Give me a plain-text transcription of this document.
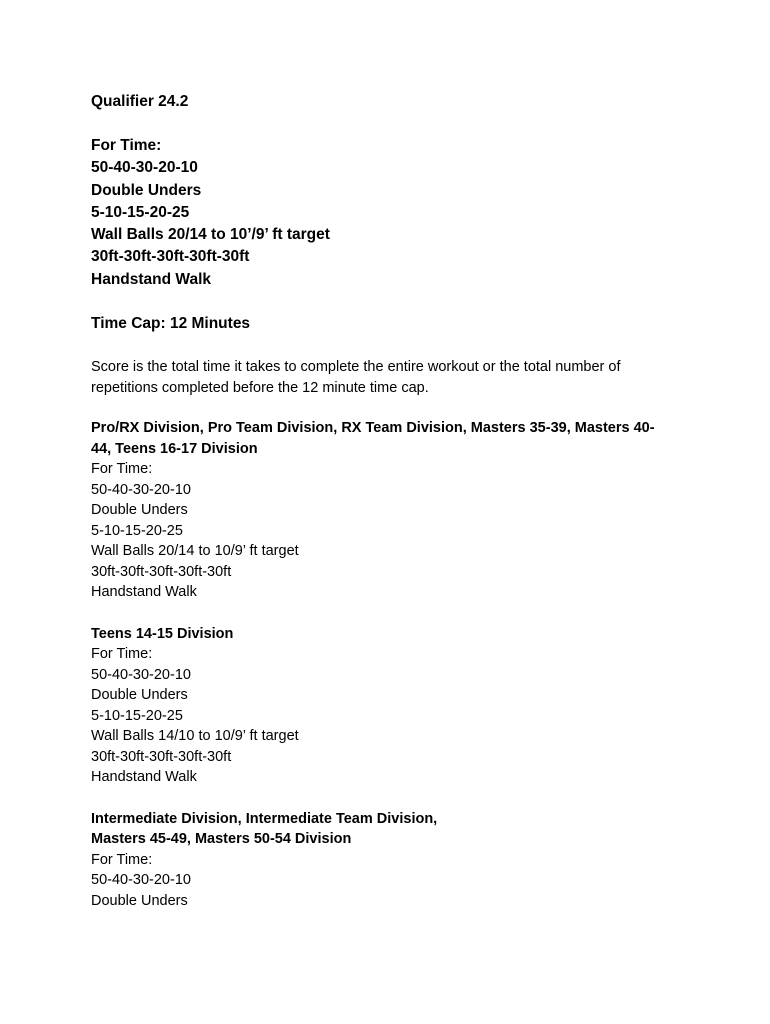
Qualifier 24.2
For Time:
50-40-30-20-10
Double Unders
5-10-15-20-25
Wall Balls 20/14 to 10’/9’ ft target
30ft-30ft-30ft-30ft-30ft
Handstand Walk
Time Cap: 12 Minutes
Score is the total time it takes to complete the entire workout or the total number of repetitions completed before the 12 minute time cap.
Pro/RX Division, Pro Team Division, RX Team Division, Masters 35-39, Masters 40-44, Teens 16-17 Division
For Time:
50-40-30-20-10
Double Unders
5-10-15-20-25
Wall Balls 20/14 to 10/9’ ft target
30ft-30ft-30ft-30ft-30ft
Handstand Walk
Teens 14-15 Division
For Time:
50-40-30-20-10
Double Unders
5-10-15-20-25
Wall Balls 14/10 to 10/9’ ft target
30ft-30ft-30ft-30ft-30ft
Handstand Walk
Intermediate Division, Intermediate Team Division, Masters 45-49, Masters 50-54 Division
For Time:
50-40-30-20-10
Double Unders
